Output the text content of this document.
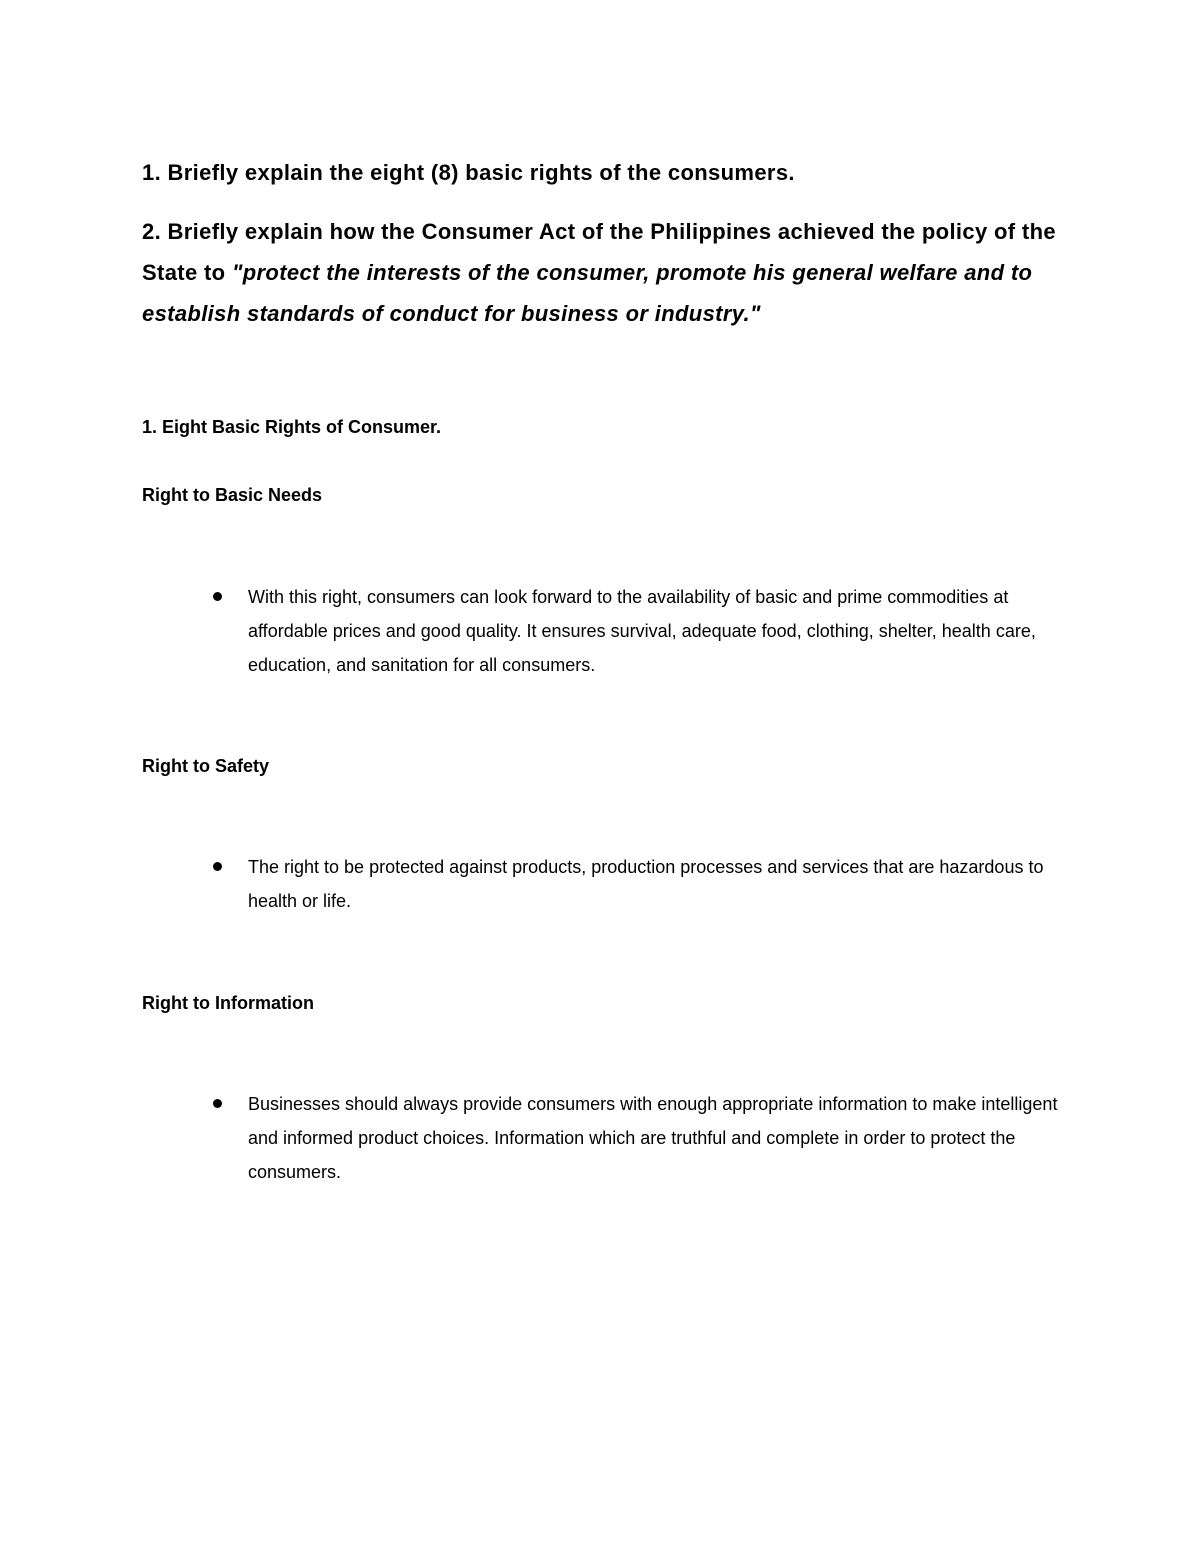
1. Briefly explain the eight (8) basic rights of the consumers.

2. Briefly explain how the Consumer Act of the Philippines achieved the policy of the State to "protect the interests of the consumer, promote his general welfare and to establish standards of conduct for business or industry."

1. Eight Basic Rights of Consumer.

Right to Basic Needs

With this right, consumers can look forward to the availability of basic and prime commodities at affordable prices and good quality. It ensures survival, adequate food, clothing, shelter, health care, education, and sanitation for all consumers.

Right to Safety

The right to be protected against products, production processes and services that are hazardous to health or life.

Right to Information

Businesses should always provide consumers with enough appropriate information to make intelligent and informed product choices. Information which are truthful and complete in order to protect the consumers.
